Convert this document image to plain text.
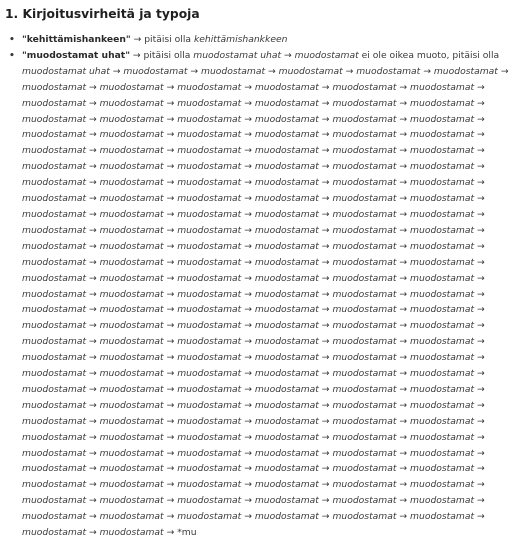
1. Kirjoitusvirheitä ja typoja
• "kehittämishankeen" → pitäisi olla kehittämishankkeen
• "muodostamat uhat" → pitäisi olla muodostamat uhat → muodostamat ei ole oikea muoto, pitäisi olla
muodostamat uhat → muodostamat → muodostamat → muodostamat → muodostamat → muodostamat →
muodostamat → muodostamat → muodostamat → muodostamat → muodostamat → muodostamat →
muodostamat → muodostamat → muodostamat → muodostamat → muodostamat → muodostamat →
muodostamat → muodostamat → muodostamat → muodostamat → muodostamat → muodostamat →
muodostamat → muodostamat → muodostamat → muodostamat → muodostamat → muodostamat →
muodostamat → muodostamat → muodostamat → muodostamat → muodostamat → muodostamat →
muodostamat → muodostamat → muodostamat → muodostamat → muodostamat → muodostamat →
muodostamat → muodostamat → muodostamat → muodostamat → muodostamat → muodostamat →
muodostamat → muodostamat → muodostamat → muodostamat → muodostamat → muodostamat →
muodostamat → muodostamat → muodostamat → muodostamat → muodostamat → muodostamat →
muodostamat → muodostamat → muodostamat → muodostamat → muodostamat → muodostamat →
muodostamat → muodostamat → muodostamat → muodostamat → muodostamat → muodostamat →
muodostamat → muodostamat → muodostamat → muodostamat → muodostamat → muodostamat →
muodostamat → muodostamat → muodostamat → muodostamat → muodostamat → muodostamat →
muodostamat → muodostamat → muodostamat → muodostamat → muodostamat → muodostamat →
muodostamat → muodostamat → muodostamat → muodostamat → muodostamat → muodostamat →
muodostamat → muodostamat → muodostamat → muodostamat → muodostamat → muodostamat →
muodostamat → muodostamat → muodostamat → muodostamat → muodostamat → muodostamat →
muodostamat → muodostamat → muodostamat → muodostamat → muodostamat → muodostamat →
muodostamat → muodostamat → muodostamat → muodostamat → muodostamat → muodostamat →
muodostamat → muodostamat → muodostamat → muodostamat → muodostamat → muodostamat →
muodostamat → muodostamat → muodostamat → muodostamat → muodostamat → muodostamat →
muodostamat → muodostamat → muodostamat → muodostamat → muodostamat → muodostamat →
muodostamat → muodostamat → muodostamat → muodostamat → muodostamat → muodostamat →
muodostamat → muodostamat → muodostamat → muodostamat → muodostamat → muodostamat →
muodostamat → muodostamat → muodostamat → muodostamat → muodostamat → muodostamat →
muodostamat → muodostamat → muodostamat → muodostamat → muodostamat → muodostamat →
muodostamat → muodostamat → muodostamat → muodostamat → muodostamat → muodostamat →
muodostamat → muodostamat → muodostamat → muodostamat → muodostamat → muodostamat →
muodostamat → muodostamat → *mu
